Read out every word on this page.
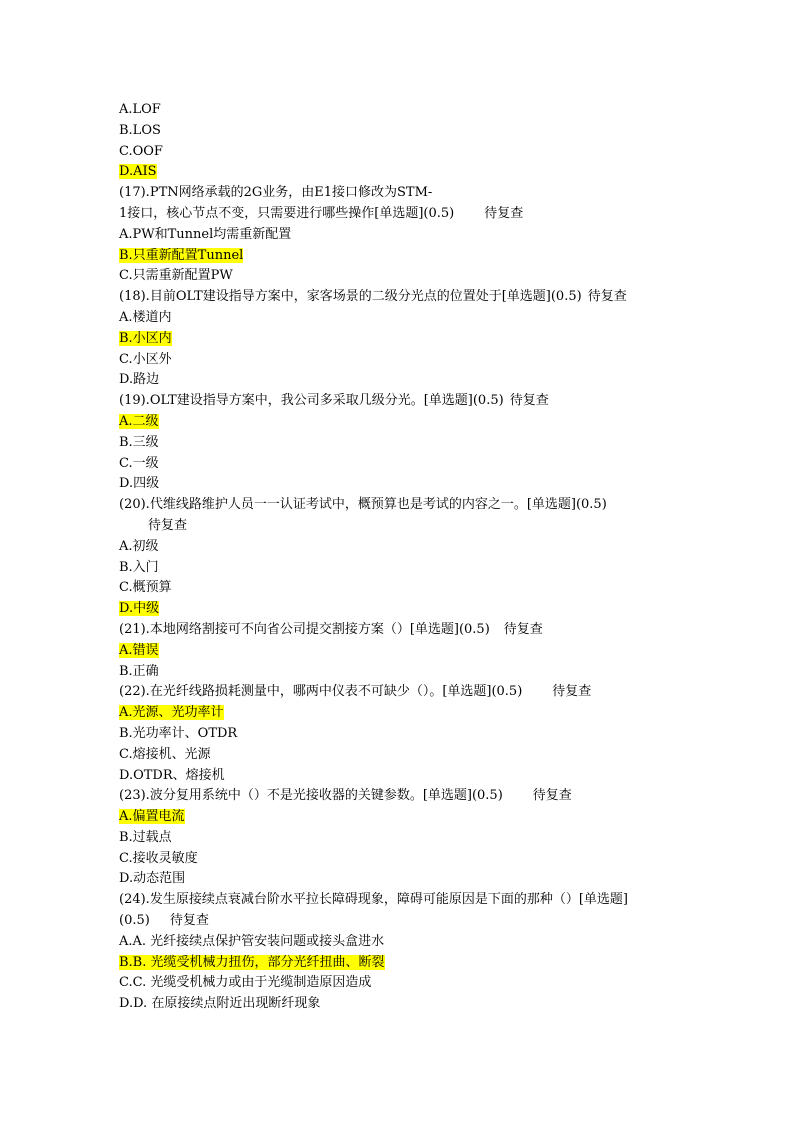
A.LOF
B.LOS
C.OOF
D.AIS
(17).PTN网络承载的2G业务，由E1接口修改为STM-
1接口，核心节点不变，只需要进行哪些操作[单选题](0.5) 待复查
A.PW和Tunnel均需重新配置
B.只重新配置Tunnel
C.只需重新配置PW
(18).目前OLT建设指导方案中，家客场景的二级分光点的位置处于[单选题](0.5) 待复查
A.楼道内
B.小区内
C.小区外
D.路边
(19).OLT建设指导方案中，我公司多采取几级分光。[单选题](0.5) 待复查
A.二级
B.三级
C.一级
D.四级
(20).代维线路维护人员一一认证考试中，概预算也是考试的内容之一。[单选题](0.5)
待复查
A.初级
B.入门
C.概预算
D.中级
(21).本地网络割接可不向省公司提交割接方案（）[单选题](0.5) 待复查
A.错误
B.正确
(22).在光纤线路损耗测量中，哪两中仪表不可缺少（）。[单选题](0.5) 待复查
A.光源、光功率计
B.光功率计、OTDR
C.熔接机、光源
D.OTDR、熔接机
(23).波分复用系统中（）不是光接收器的关键参数。[单选题](0.5) 待复查
A.偏置电流
B.过载点
C.接收灵敏度
D.动态范围
(24).发生原接续点衰减台阶水平拉长障碍现象，障碍可能原因是下面的那种（）[单选题]
(0.5) 待复查
A.A. 光纤接续点保护管安装问题或接头盒进水
B.B. 光缆受机械力扭伤，部分光纤扭曲、断裂
C.C. 光缆受机械力或由于光缆制造原因造成
D.D. 在原接续点附近出现断纤现象
